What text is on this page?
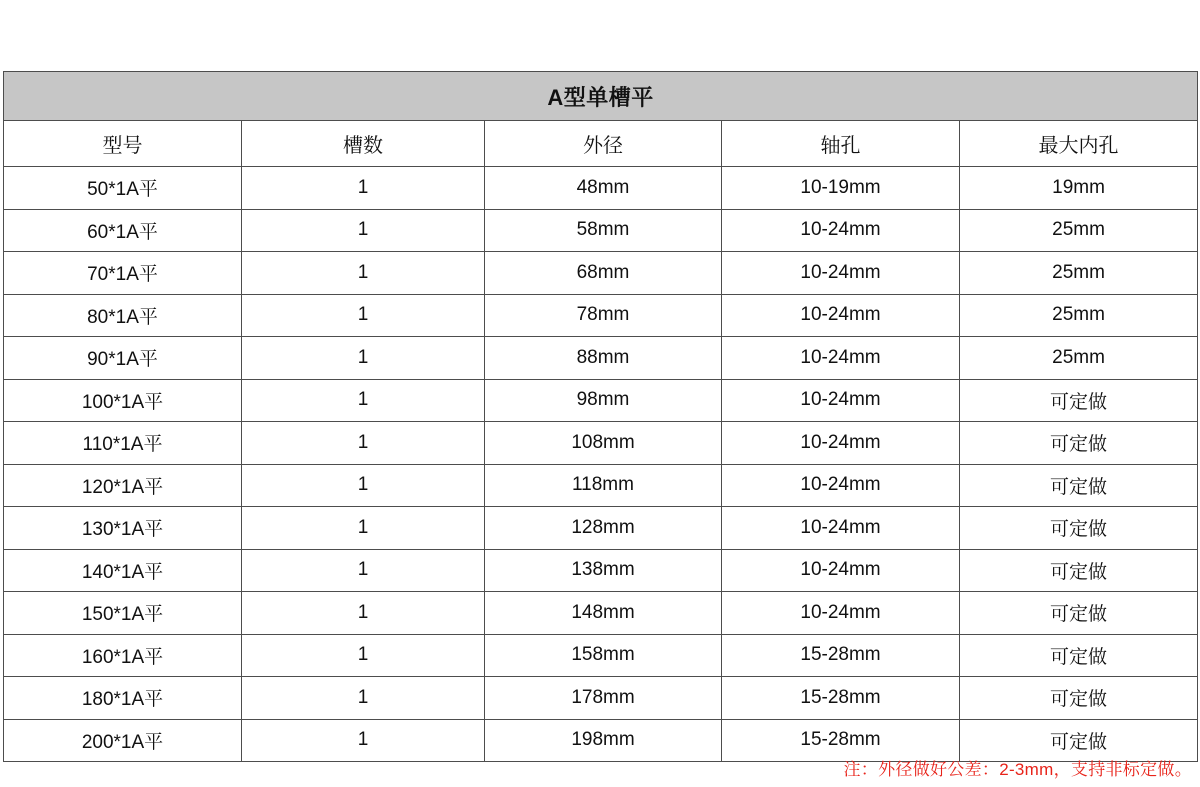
A型单槽平				
型号	槽数	外径	轴孔	最大内孔
50*1A平	1	48mm	10-19mm	19mm
60*1A平	1	58mm	10-24mm	25mm
70*1A平	1	68mm	10-24mm	25mm
80*1A平	1	78mm	10-24mm	25mm
90*1A平	1	88mm	10-24mm	25mm
100*1A平	1	98mm	10-24mm	可定做
110*1A平	1	108mm	10-24mm	可定做
120*1A平	1	118mm	10-24mm	可定做
130*1A平	1	128mm	10-24mm	可定做
140*1A平	1	138mm	10-24mm	可定做
150*1A平	1	148mm	10-24mm	可定做
160*1A平	1	158mm	15-28mm	可定做
180*1A平	1	178mm	15-28mm	可定做
200*1A平	1	198mm	15-28mm	可定做
注：外径做好公差：2-3mm，支持非标定做。
